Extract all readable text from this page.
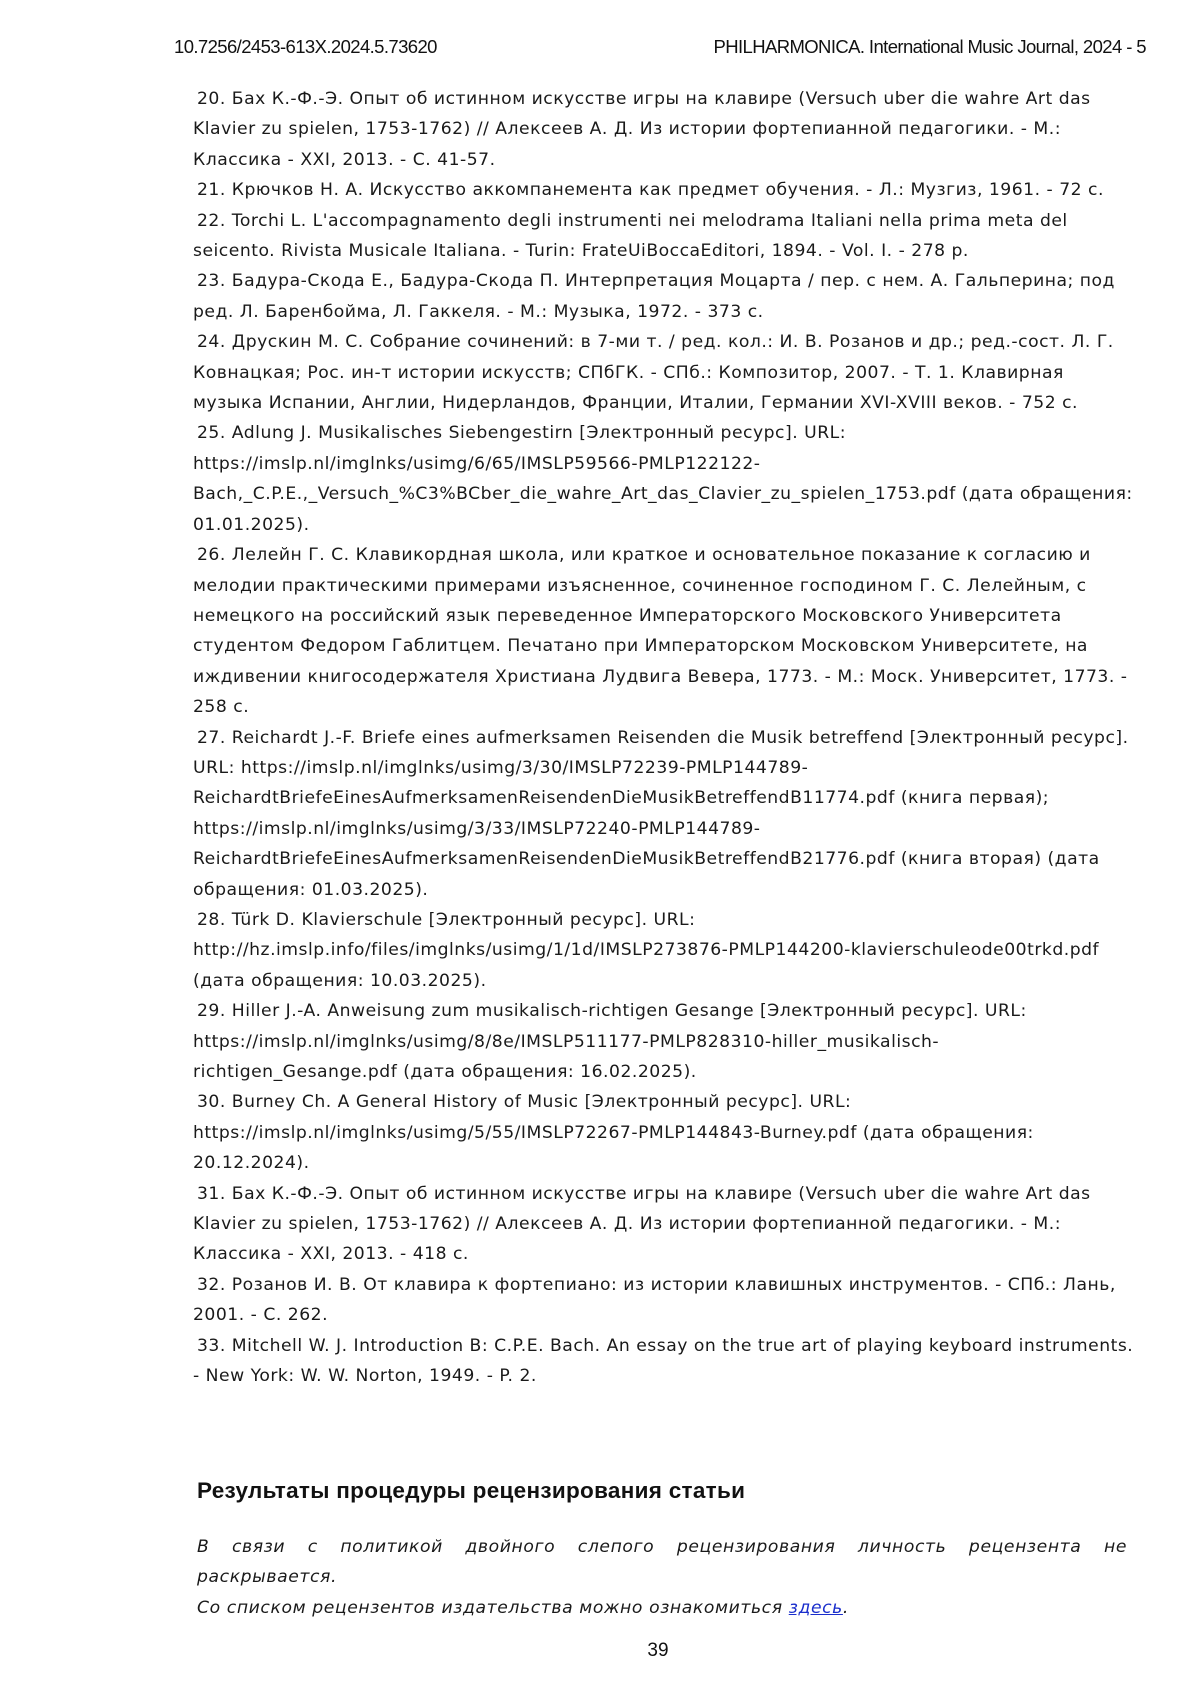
10.7256/2453-613X.2024.5.73620	PHILHARMONICA. International Music Journal, 2024 - 5
20. Бах К.-Ф.-Э. Опыт об истинном искусстве игры на клавире (Versuch uber die wahre Art das Klavier zu spielen, 1753-1762) // Алексеев А. Д. Из истории фортепианной педагогики. - М.: Классика - XXI, 2013. - С. 41-57.
21. Крючков Н. А. Искусство аккомпанемента как предмет обучения. - Л.: Музгиз, 1961. - 72 с.
22. Torchi L. L'accompagnamento degli instrumenti nei melodrama Italiani nella prima meta del seicento. Rivista Musicale Italiana. - Turin: FrateUiBoccaEditori, 1894. - Vol. I. - 278 p.
23. Бадура-Скода Е., Бадура-Скода П. Интерпретация Моцарта / пер. с нем. А. Гальперина; под ред. Л. Баренбойма, Л. Гаккеля. - М.: Музыка, 1972. - 373 с.
24. Друскин М. С. Собрание сочинений: в 7-ми т. / ред. кол.: И. В. Розанов и др.; ред.-сост. Л. Г. Ковнацкая; Рос. ин-т истории искусств; СПбГК. - СПб.: Композитор, 2007. - Т. 1. Клавирная музыка Испании, Англии, Нидерландов, Франции, Италии, Германии XVI-XVIII веков. - 752 с.
25. Adlung J. Musikalisches Siebengestirn [Электронный ресурс]. URL: https://imslp.nl/imglnks/usimg/6/65/IMSLP59566-PMLP122122-Bach,_C.P.E.,_Versuch_%C3%BCber_die_wahre_Art_das_Clavier_zu_spielen_1753.pdf (дата обращения: 01.01.2025).
26. Лелейн Г. С. Клавикордная школа, или краткое и основательное показание к согласию и мелодии практическими примерами изъясненное, сочиненное господином Г. С. Лелейным, с немецкого на российский язык переведенное Императорского Московского Университета студентом Федором Габлитцем. Печатано при Императорском Московском Университете, на иждивении книгосодержателя Христиана Лудвига Вевера, 1773. - М.: Моск. Университет, 1773. - 258 с.
27. Reichardt J.-F. Briefe eines aufmerksamen Reisenden die Musik betreffend [Электронный ресурс]. URL: https://imslp.nl/imglnks/usimg/3/30/IMSLP72239-PMLP144789-ReichardtBriefeEinesAufmerksamenReisendenDieMusikBetreffendB11774.pdf (книга первая); https://imslp.nl/imglnks/usimg/3/33/IMSLP72240-PMLP144789-ReichardtBriefeEinesAufmerksamenReisendenDieMusikBetreffendB21776.pdf (книга вторая) (дата обращения: 01.03.2025).
28. Türk D. Klavierschule [Электронный ресурс]. URL: http://hz.imslp.info/files/imglnks/usimg/1/1d/IMSLP273876-PMLP144200-klavierschuleode00trkd.pdf (дата обращения: 10.03.2025).
29. Hiller J.-A. Anweisung zum musikalisch-richtigen Gesange [Электронный ресурс]. URL: https://imslp.nl/imglnks/usimg/8/8e/IMSLP511177-PMLP828310-hiller_musikalisch-richtigen_Gesange.pdf (дата обращения: 16.02.2025).
30. Burney Ch. A General History of Music [Электронный ресурс]. URL: https://imslp.nl/imglnks/usimg/5/55/IMSLP72267-PMLP144843-Burney.pdf (дата обращения: 20.12.2024).
31. Бах К.-Ф.-Э. Опыт об истинном искусстве игры на клавире (Versuch uber die wahre Art das Klavier zu spielen, 1753-1762) // Алексеев А. Д. Из истории фортепианной педагогики. - М.: Классика - XXI, 2013. - 418 с.
32. Розанов И. В. От клавира к фортепиано: из истории клавишных инструментов. - СПб.: Лань, 2001. - С. 262.
33. Mitchell W. J. Introduction B: C.P.E. Bach. An essay on the true art of playing keyboard instruments. - New York: W. W. Norton, 1949. - P. 2.
Результаты процедуры рецензирования статьи

В связи с политикой двойного слепого рецензирования личность рецензента не раскрывается.

Со списком рецензентов издательства можно ознакомиться здесь.

39
